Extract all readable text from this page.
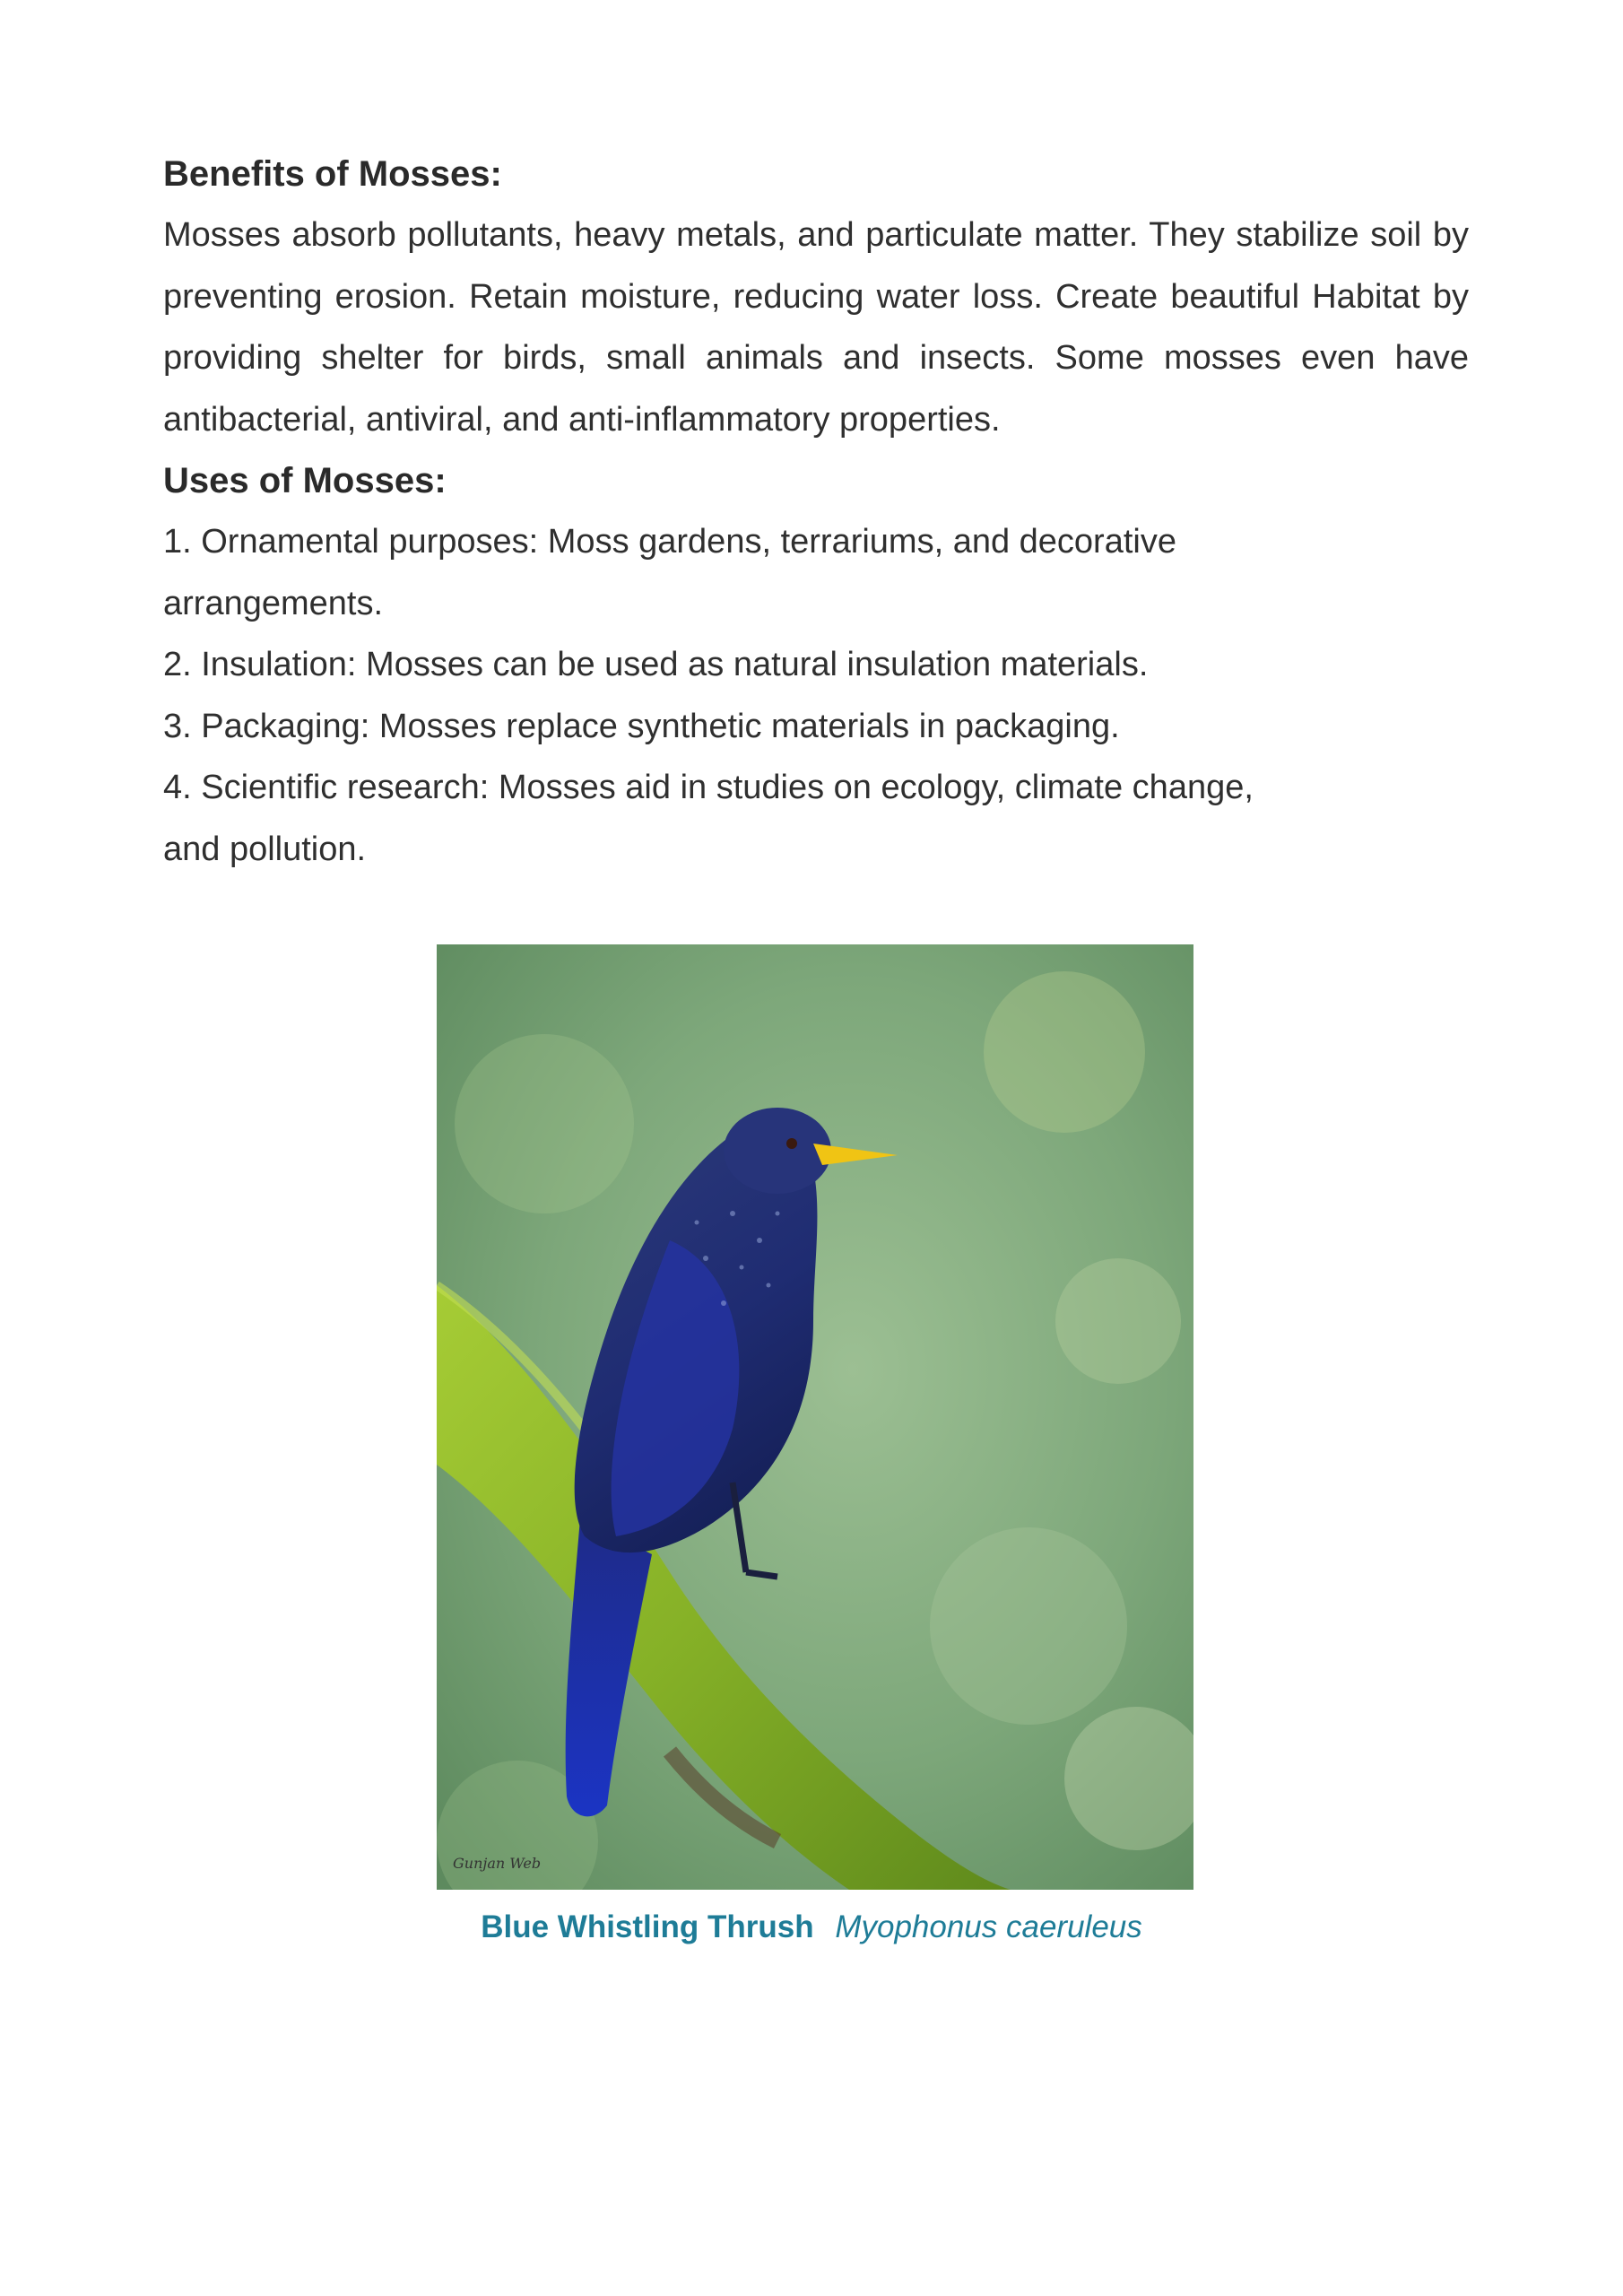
Benefits of Mosses:

Mosses absorb pollutants, heavy metals, and particulate matter. They stabilize soil by preventing erosion. Retain moisture, reducing water loss. Create beautiful Habitat by providing shelter for birds, small animals and insects. Some mosses even have antibacterial, antiviral, and anti-inflammatory properties.

Uses of Mosses:
1. Ornamental purposes: Moss gardens, terrariums, and decorative arrangements.
2. Insulation: Mosses can be used as natural insulation materials.
3. Packaging: Mosses replace synthetic materials in packaging.
4. Scientific research: Mosses aid in studies on ecology, climate change, and pollution.
Gunjan Web
Blue Whistling Thrush Myophonus caeruleus
